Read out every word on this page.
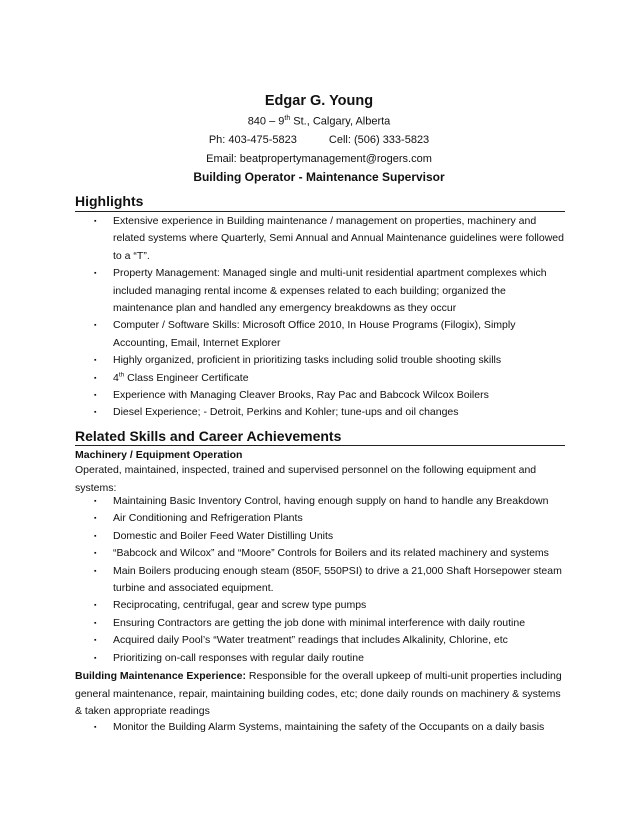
Edgar G. Young
840 – 9th St., Calgary, Alberta
Ph: 403-475-5823	Cell: (506) 333-5823
Email: beatpropertymanagement@rogers.com
Building Operator - Maintenance Supervisor
Highlights
▪ Extensive experience in Building maintenance / management on properties, machinery and related systems where Quarterly, Semi Annual and Annual Maintenance guidelines were followed to a “T”.
▪ Property Management: Managed single and multi-unit residential apartment complexes which included managing rental income & expenses related to each building; organized the maintenance plan and handled any emergency breakdowns as they occur
▪ Computer / Software Skills: Microsoft Office 2010, In House Programs (Filogix), Simply Accounting, Email, Internet Explorer
▪ Highly organized, proficient in prioritizing tasks including solid trouble shooting skills
▪ 4th Class Engineer Certificate
▪ Experience with Managing Cleaver Brooks, Ray Pac and Babcock Wilcox Boilers
▪ Diesel Experience; - Detroit, Perkins and Kohler; tune-ups and oil changes
Related Skills and Career Achievements
Machinery / Equipment Operation
Operated, maintained, inspected, trained and supervised personnel on the following equipment and systems:
▪ Maintaining Basic Inventory Control, having enough supply on hand to handle any Breakdown
▪ Air Conditioning and Refrigeration Plants
▪ Domestic and Boiler Feed Water Distilling Units
▪ “Babcock and Wilcox” and “Moore” Controls for Boilers and its related machinery and systems
▪ Main Boilers producing enough steam (850F, 550PSI) to drive a 21,000 Shaft Horsepower steam turbine and associated equipment.
▪ Reciprocating, centrifugal, gear and screw type pumps
▪ Ensuring Contractors are getting the job done with minimal interference with daily routine
▪ Acquired daily Pool’s “Water treatment” readings that includes Alkalinity, Chlorine, etc
▪ Prioritizing on-call responses with regular daily routine
Building Maintenance Experience: Responsible for the overall upkeep of multi-unit properties including general maintenance, repair, maintaining building codes, etc; done daily rounds on machinery & systems & taken appropriate readings
▪ Monitor the Building Alarm Systems, maintaining the safety of the Occupants on a daily basis
